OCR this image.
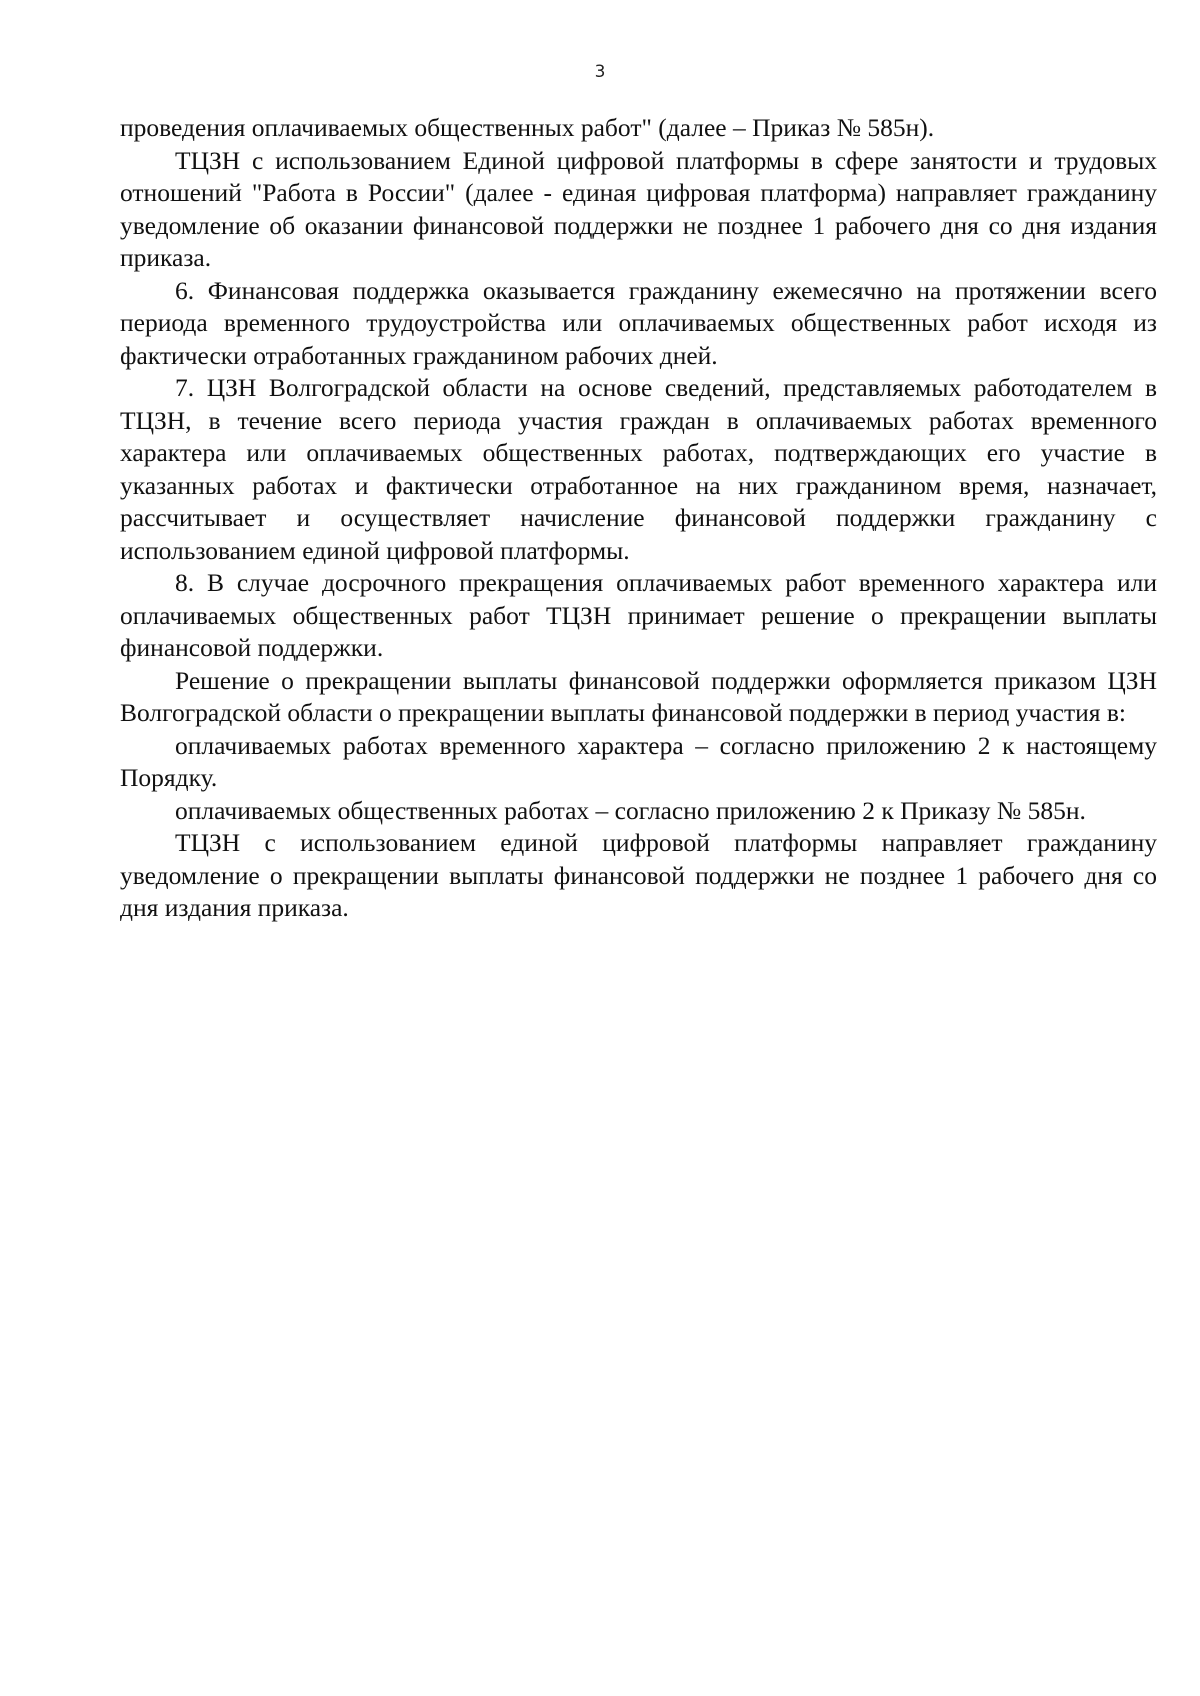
3

проведения оплачиваемых общественных работ" (далее – Приказ № 585н).

ТЦЗН с использованием Единой цифровой платформы в сфере занятости и трудовых отношений "Работа в России" (далее - единая цифровая платформа) направляет гражданину уведомление об оказании финансовой поддержки не позднее 1 рабочего дня со дня издания приказа.

6. Финансовая поддержка оказывается гражданину ежемесячно на протяжении всего периода временного трудоустройства или оплачиваемых общественных работ исходя из фактически отработанных гражданином рабочих дней.

7. ЦЗН Волгоградской области на основе сведений, представляемых работодателем в ТЦЗН, в течение всего периода участия граждан в оплачиваемых работах временного характера или оплачиваемых общественных работах, подтверждающих его участие в указанных работах и фактически отработанное на них гражданином время, назначает, рассчитывает и осуществляет начисление финансовой поддержки гражданину с использованием единой цифровой платформы.

8. В случае досрочного прекращения оплачиваемых работ временного характера или оплачиваемых общественных работ ТЦЗН принимает решение о прекращении выплаты финансовой поддержки.

Решение о прекращении выплаты финансовой поддержки оформляется приказом ЦЗН Волгоградской области о прекращении выплаты финансовой поддержки в период участия в:

оплачиваемых работах временного характера – согласно приложению 2 к настоящему Порядку.

оплачиваемых общественных работах – согласно приложению 2 к Приказу № 585н.

ТЦЗН с использованием единой цифровой платформы направляет гражданину уведомление о прекращении выплаты финансовой поддержки не позднее 1 рабочего дня со дня издания приказа.
